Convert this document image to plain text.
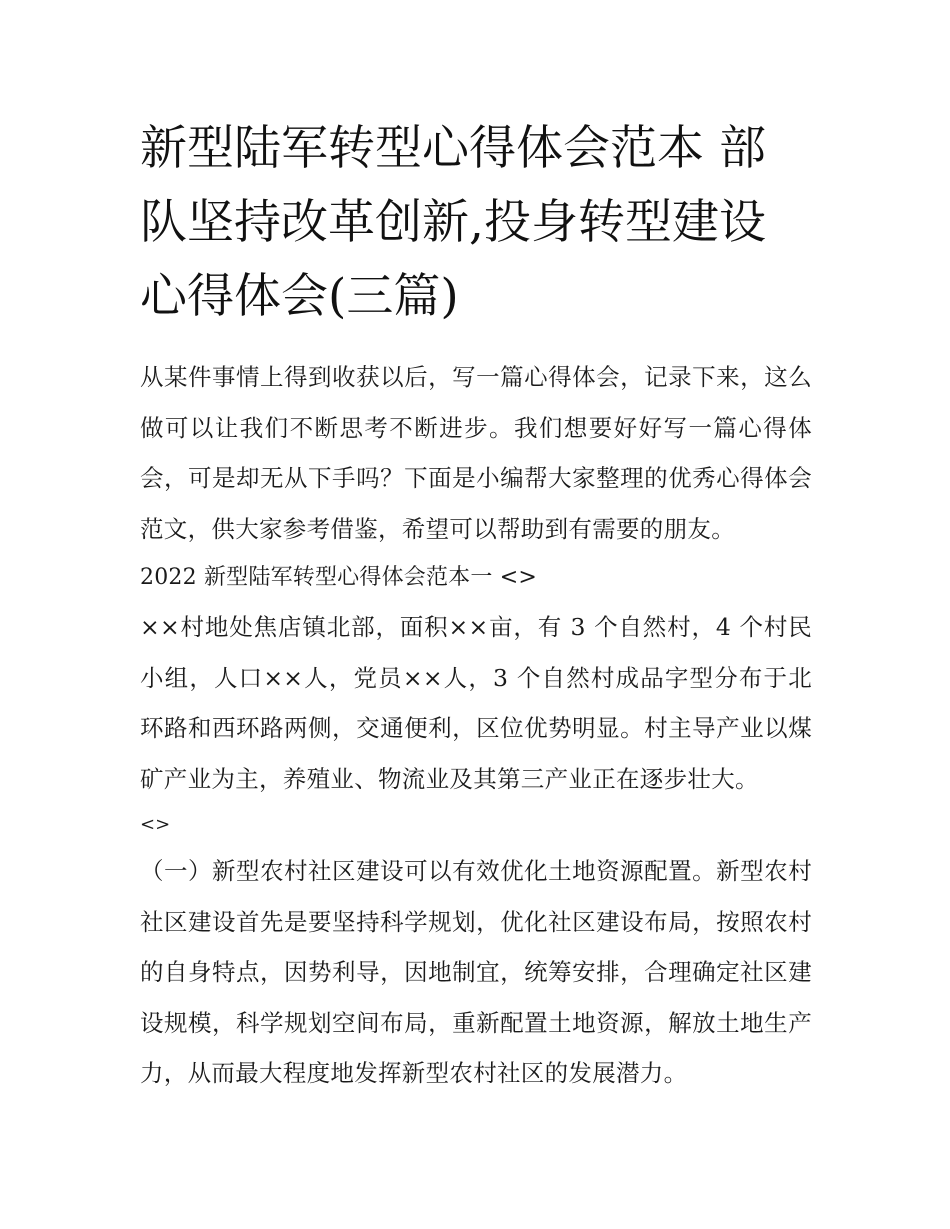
新型陆军转型心得体会范本 部队坚持改革创新,投身转型建设心得体会(三篇)

从某件事情上得到收获以后，写一篇心得体会，记录下来，这么做可以让我们不断思考不断进步。我们想要好好写一篇心得体会，可是却无从下手吗？下面是小编帮大家整理的优秀心得体会范文，供大家参考借鉴，希望可以帮助到有需要的朋友。

2022 新型陆军转型心得体会范本一 <>

××村地处焦店镇北部，面积××亩，有 3 个自然村，4 个村民小组，人口××人，党员××人，3 个自然村成品字型分布于北环路和西环路两侧，交通便利，区位优势明显。村主导产业以煤矿产业为主，养殖业、物流业及其第三产业正在逐步壮大。

<>

（一）新型农村社区建设可以有效优化土地资源配置。新型农村社区建设首先是要坚持科学规划，优化社区建设布局，按照农村的自身特点，因势利导，因地制宜，统筹安排，合理确定社区建设规模，科学规划空间布局，重新配置土地资源，解放土地生产力，从而最大程度地发挥新型农村社区的发展潜力。
